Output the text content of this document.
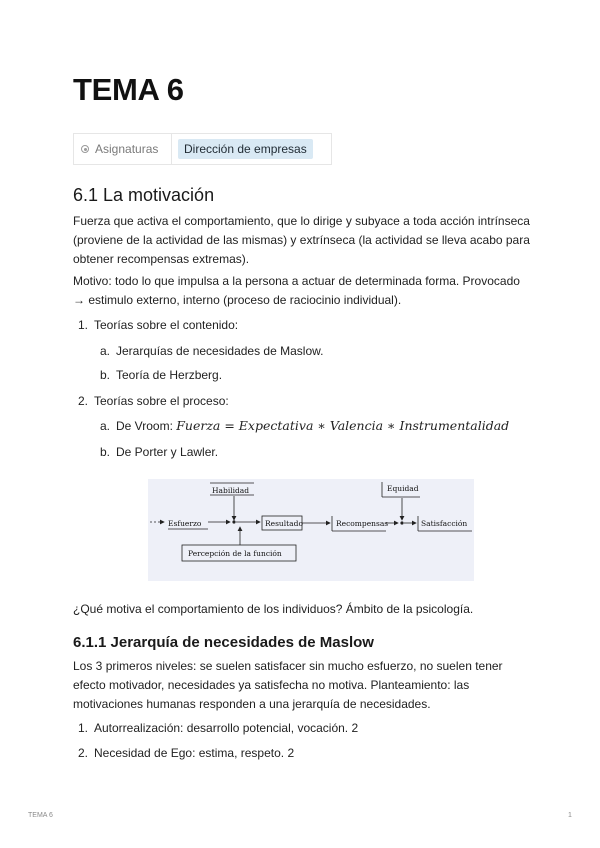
TEMA 6
Asignaturas	Dirección de empresas
6.1 La motivación

Fuerza que activa el comportamiento, que lo dirige y subyace a toda acción intrínseca (proviene de la actividad de las mismas) y extrínseca (la actividad se lleva acabo para obtener recompensas extremas).

Motivo: todo lo que impulsa a la persona a actuar de determinada forma. Provocado → estimulo externo, interno (proceso de raciocinio individual).

1. Teorías sobre el contenido:
a. Jerarquías de necesidades de Maslow.
b. Teoría de Herzberg.
2. Teorías sobre el proceso:
a. De Vroom: Fuerza = Expectativa ∗ Valencia ∗ Instrumentalidad
b. De Porter y Lawler.
Habilidad	Equidad
Esfuerzo	Resultado	Recompensas	Satisfacción
Percepción de la función

¿Qué motiva el comportamiento de los individuos? Ámbito de la psicología.

6.1.1 Jerarquía de necesidades de Maslow

Los 3 primeros niveles: se suelen satisfacer sin mucho esfuerzo, no suelen tener efecto motivador, necesidades ya satisfecha no motiva. Planteamiento: las motivaciones humanas responden a una jerarquía de necesidades.

1. Autorrealización: desarrollo potencial, vocación. 2
2. Necesidad de Ego: estima, respeto. 2
TEMA 6	1
